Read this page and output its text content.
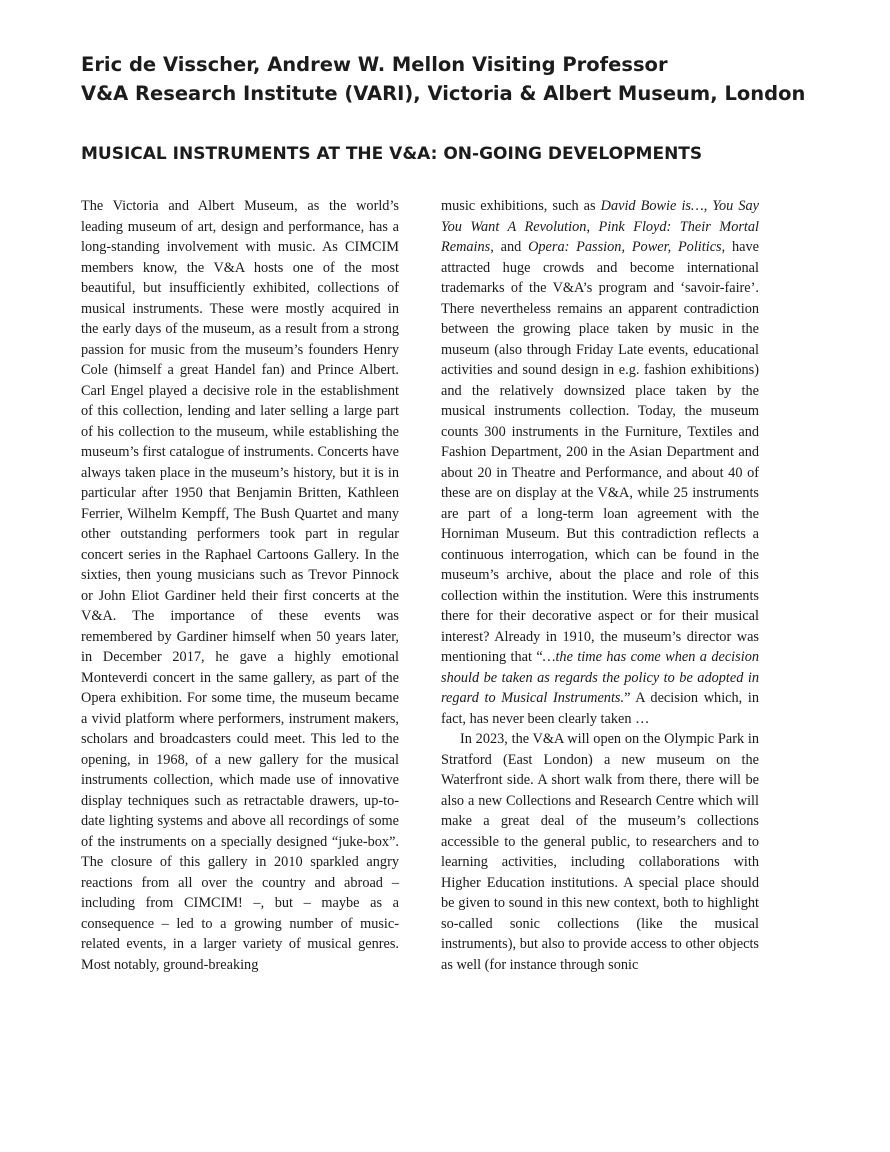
Eric de Visscher, Andrew W. Mellon Visiting Professor
V&A Research Institute (VARI), Victoria & Albert Museum, London
MUSICAL INSTRUMENTS AT THE V&A: ON-GOING DEVELOPMENTS

The Victoria and Albert Museum, as the world’s leading museum of art, design and performance, has a long-standing involvement with music. As CIMCIM members know, the V&A hosts one of the most beautiful, but insufficiently exhibited, collections of musical instruments. These were mostly acquired in the early days of the museum, as a result from a strong passion for music from the museum’s founders Henry Cole (himself a great Handel fan) and Prince Albert. Carl Engel played a decisive role in the establishment of this collection, lending and later selling a large part of his collection to the museum, while establishing the museum’s first catalogue of instruments. Concerts have always taken place in the museum’s history, but it is in particular after 1950 that Benjamin Britten, Kathleen Ferrier, Wilhelm Kempff, The Bush Quartet and many other outstanding performers took part in regular concert series in the Raphael Cartoons Gallery. In the sixties, then young musicians such as Trevor Pinnock or John Eliot Gardiner held their first concerts at the V&A. The importance of these events was remembered by Gardiner himself when 50 years later, in December 2017, he gave a highly emotional Monteverdi concert in the same gallery, as part of the Opera exhibition. For some time, the museum became a vivid platform where performers, instrument makers, scholars and broadcasters could meet. This led to the opening, in 1968, of a new gallery for the musical instruments collection, which made use of innovative display techniques such as retractable drawers, up-to-date lighting systems and above all recordings of some of the instruments on a specially designed “juke-box”. The closure of this gallery in 2010 sparkled angry reactions from all over the country and abroad – including from CIMCIM! –, but – maybe as a consequence – led to a growing number of music-related events, in a larger variety of musical genres. Most notably, ground-breaking

music exhibitions, such as David Bowie is…, You Say You Want A Revolution, Pink Floyd: Their Mortal Remains, and Opera: Passion, Power, Politics, have attracted huge crowds and become international trademarks of the V&A’s program and ‘savoir-faire’. There nevertheless remains an apparent contradiction between the growing place taken by music in the museum (also through Friday Late events, educational activities and sound design in e.g. fashion exhibitions) and the relatively downsized place taken by the musical instruments collection. Today, the museum counts 300 instruments in the Furniture, Textiles and Fashion Department, 200 in the Asian Department and about 20 in Theatre and Performance, and about 40 of these are on display at the V&A, while 25 instruments are part of a long-term loan agreement with the Horniman Museum. But this contradiction reflects a continuous interrogation, which can be found in the museum’s archive, about the place and role of this collection within the institution. Were this instruments there for their decorative aspect or for their musical interest? Already in 1910, the museum’s director was mentioning that “…the time has come when a decision should be taken as regards the policy to be adopted in regard to Musical Instruments.” A decision which, in fact, has never been clearly taken …

In 2023, the V&A will open on the Olympic Park in Stratford (East London) a new museum on the Waterfront side. A short walk from there, there will be also a new Collections and Research Centre which will make a great deal of the museum’s collections accessible to the general public, to researchers and to learning activities, including collaborations with Higher Education institutions. A special place should be given to sound in this new context, both to highlight so-called sonic collections (like the musical instruments), but also to provide access to other objects as well (for instance through sonic
